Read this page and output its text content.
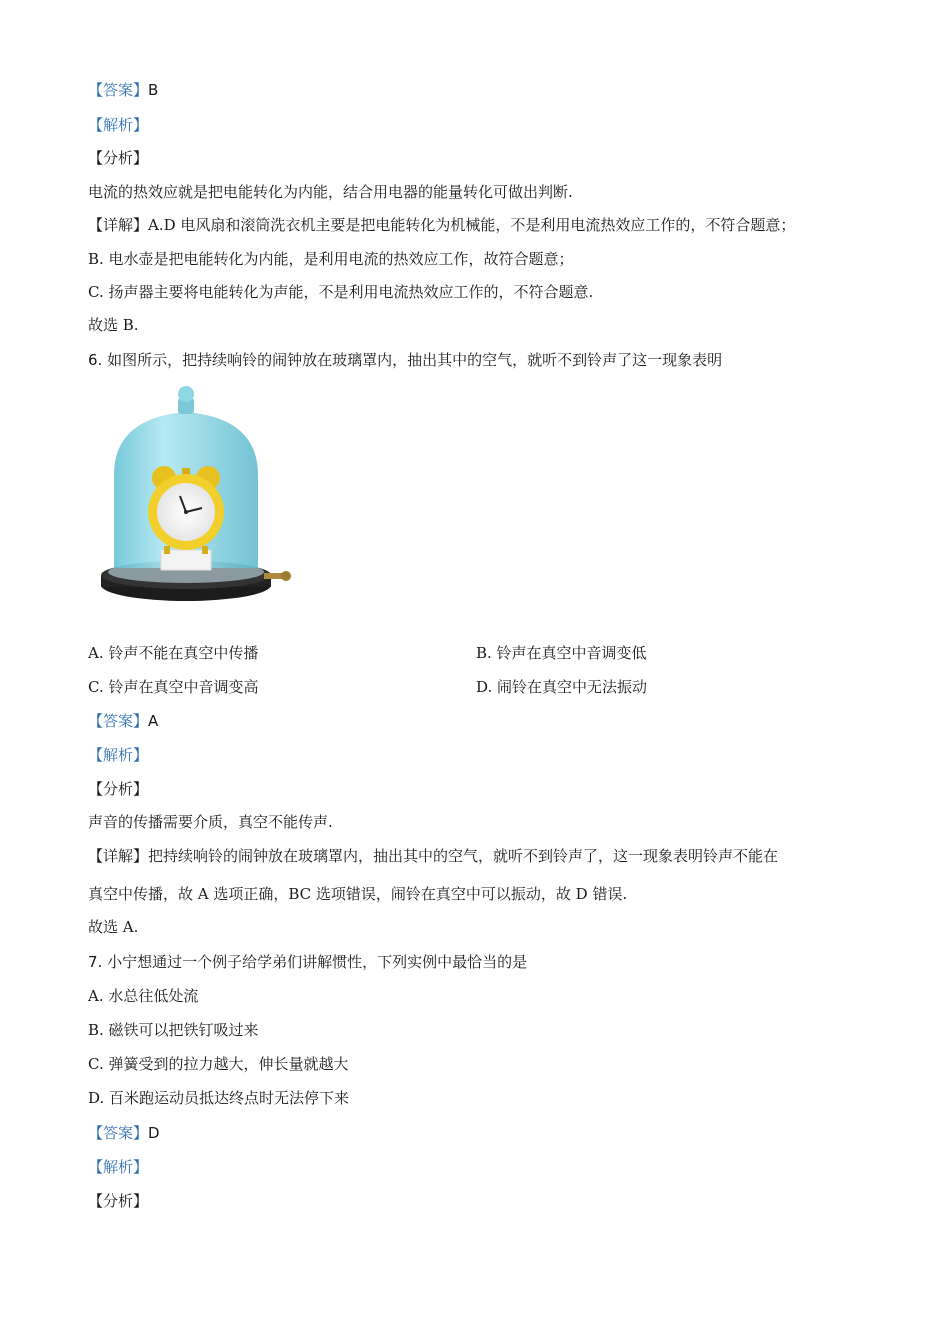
【答案】B
【解析】
【分析】
电流的热效应就是把电能转化为内能，结合用电器的能量转化可做出判断.
【详解】A.D 电风扇和滚筒洗衣机主要是把电能转化为机械能，不是利用电流热效应工作的，不符合题意；
B. 电水壶是把电能转化为内能，是利用电流的热效应工作，故符合题意；
C. 扬声器主要将电能转化为声能，不是利用电流热效应工作的，不符合题意.
故选 B.
6. 如图所示，把持续响铃的闹钟放在玻璃罩内，抽出其中的空气，就听不到铃声了这一现象表明
A. 铃声不能在真空中传播	B. 铃声在真空中音调变低
C. 铃声在真空中音调变高	D. 闹铃在真空中无法振动
【答案】A
【解析】
【分析】
声音的传播需要介质，真空不能传声.
【详解】把持续响铃的闹钟放在玻璃罩内，抽出其中的空气，就听不到铃声了，这一现象表明铃声不能在
真空中传播，故 A 选项正确，BC 选项错误，闹铃在真空中可以振动，故 D 错误.
故选 A.
7. 小宁想通过一个例子给学弟们讲解惯性，下列实例中最恰当的是
A. 水总往低处流
B. 磁铁可以把铁钉吸过来
C. 弹簧受到的拉力越大，伸长量就越大
D. 百米跑运动员抵达终点时无法停下来
【答案】D
【解析】
【分析】
